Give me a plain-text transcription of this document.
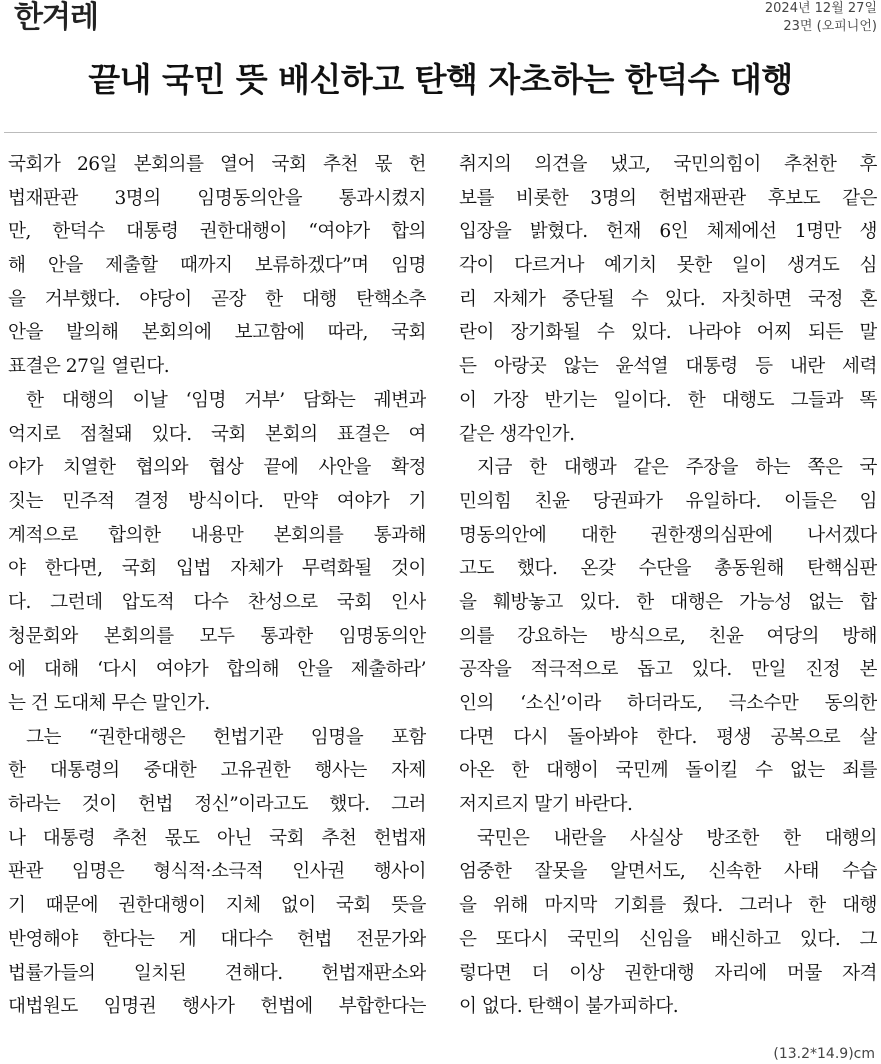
한겨레	2024년 12월 27일
23면 (오피니언)
끝내 국민 뜻 배신하고 탄핵 자초하는 한덕수 대행
국회가 26일 본회의를 열어 국회 추천 몫 헌
법재판관 3명의 임명동의안을 통과시켰지
만, 한덕수 대통령 권한대행이 “여야가 합의
해 안을 제출할 때까지 보류하겠다”며 임명
을 거부했다. 야당이 곧장 한 대행 탄핵소추
안을 발의해 본회의에 보고함에 따라, 국회
표결은 27일 열린다.
한 대행의 이날 ‘임명 거부’ 담화는 궤변과
억지로 점철돼 있다. 국회 본회의 표결은 여
야가 치열한 협의와 협상 끝에 사안을 확정
짓는 민주적 결정 방식이다. 만약 여야가 기
계적으로 합의한 내용만 본회의를 통과해
야 한다면, 국회 입법 자체가 무력화될 것이
다. 그런데 압도적 다수 찬성으로 국회 인사
청문회와 본회의를 모두 통과한 임명동의안
에 대해 ‘다시 여야가 합의해 안을 제출하라’
는 건 도대체 무슨 말인가.
그는 “권한대행은 헌법기관 임명을 포함
한 대통령의 중대한 고유권한 행사는 자제
하라는 것이 헌법 정신”이라고도 했다. 그러
나 대통령 추천 몫도 아닌 국회 추천 헌법재
판관 임명은 형식적·소극적 인사권 행사이
기 때문에 권한대행이 지체 없이 국회 뜻을
반영해야 한다는 게 대다수 헌법 전문가와
법률가들의 일치된 견해다. 헌법재판소와
대법원도 임명권 행사가 헌법에 부합한다는
취지의 의견을 냈고, 국민의힘이 추천한 후
보를 비롯한 3명의 헌법재판관 후보도 같은
입장을 밝혔다. 헌재 6인 체제에선 1명만 생
각이 다르거나 예기치 못한 일이 생겨도 심
리 자체가 중단될 수 있다. 자칫하면 국정 혼
란이 장기화될 수 있다. 나라야 어찌 되든 말
든 아랑곳 않는 윤석열 대통령 등 내란 세력
이 가장 반기는 일이다. 한 대행도 그들과 똑
같은 생각인가.
지금 한 대행과 같은 주장을 하는 쪽은 국
민의힘 친윤 당권파가 유일하다. 이들은 임
명동의안에 대한 권한쟁의심판에 나서겠다
고도 했다. 온갖 수단을 총동원해 탄핵심판
을 훼방놓고 있다. 한 대행은 가능성 없는 합
의를 강요하는 방식으로, 친윤 여당의 방해
공작을 적극적으로 돕고 있다. 만일 진정 본
인의 ‘소신’이라 하더라도, 극소수만 동의한
다면 다시 돌아봐야 한다. 평생 공복으로 살
아온 한 대행이 국민께 돌이킬 수 없는 죄를
저지르지 말기 바란다.
국민은 내란을 사실상 방조한 한 대행의
엄중한 잘못을 알면서도, 신속한 사태 수습
을 위해 마지막 기회를 줬다. 그러나 한 대행
은 또다시 국민의 신임을 배신하고 있다. 그
렇다면 더 이상 권한대행 자리에 머물 자격
이 없다. 탄핵이 불가피하다.
(13.2*14.9)cm
